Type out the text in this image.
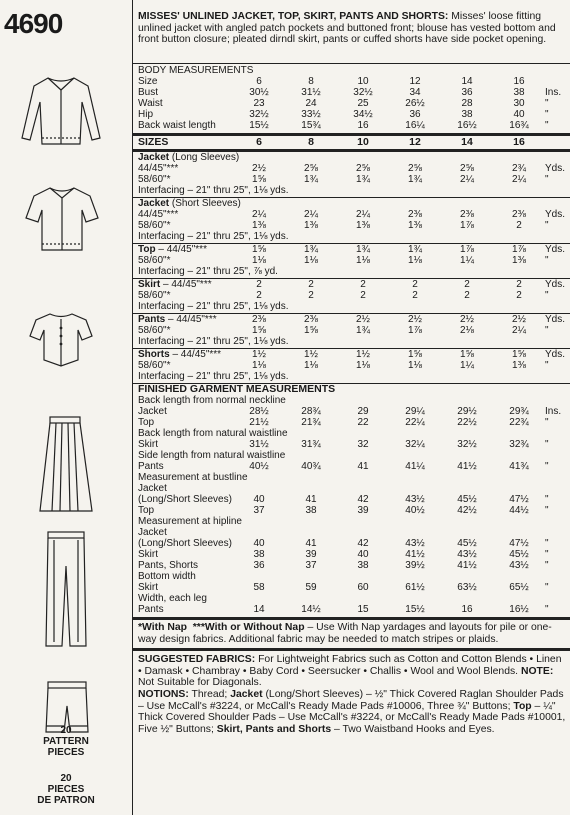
4690
20
PATTERN
PIECES
20
PIECES
DE PATRON
MISSES' UNLINED JACKET, TOP, SKIRT, PANTS AND SHORTS: Misses' loose fitting unlined jacket with angled patch pockets and buttoned front; blouse has vested bottom and front button closure; pleated dirndl skirt, pants or cuffed shorts have side pocket opening.
BODY MEASUREMENTS
Size	6	8	10	12	14	16
Bust	30½	31½	32½	34	36	38	Ins.
Waist	23	24	25	26½	28	30	"
Hip	32½	33½	34½	36	38	40	"
Back waist length	15½	15¾	16	16¼	16½	16¾	"
SIZES	6	8	10	12	14	16
Jacket (Long Sleeves)
44/45"***	2½	2⅝	2⅝	2⅝	2⅝	2¾	Yds.
58/60"*	1⅝	1¾	1¾	1¾	2¼	2¼	"
Interfacing – 21" thru 25", 1⅛ yds.
Jacket (Short Sleeves)
44/45"***	2¼	2¼	2¼	2⅜	2⅜	2⅜	Yds.
58/60"*	1⅜	1⅜	1⅜	1⅜	1⅞	2	"
Interfacing – 21" thru 25", 1⅛ yds.
Top – 44/45"***	1⅝	1¾	1¾	1¾	1⅞	1⅞	Yds.
58/60"*	1⅛	1⅛	1⅛	1⅛	1¼	1⅜	"
Interfacing – 21" thru 25", ⅞ yd.
Skirt – 44/45"***	2	2	2	2	2	2	Yds.
58/60"*	2	2	2	2	2	2	"
Interfacing – 21" thru 25", 1⅛ yds.
Pants – 44/45"***	2⅜	2⅜	2½	2½	2½	2½	Yds.
58/60"*	1⅝	1⅝	1¾	1⅞	2⅛	2¼	"
Interfacing – 21" thru 25", 1⅛ yds.
Shorts – 44/45"***	1½	1½	1½	1⅝	1⅝	1⅝	Yds.
58/60"*	1⅛	1⅛	1⅛	1⅛	1¼	1⅜	"
Interfacing – 21" thru 25", 1⅛ yds.
FINISHED GARMENT MEASUREMENTS
Back length from normal neckline
Jacket	28½	28¾	29	29¼	29½	29¾	Ins.
Top	21½	21¾	22	22¼	22½	22¾	"
Back length from natural waistline
Skirt	31½	31¾	32	32¼	32½	32¾	"
Side length from natural waistline
Pants	40½	40¾	41	41¼	41½	41¾	"
Measurement at bustline
Jacket
(Long/Short Sleeves)	40	41	42	43½	45½	47½	"
Top	37	38	39	40½	42½	44½	"
Measurement at hipline
Jacket
(Long/Short Sleeves)	40	41	42	43½	45½	47½	"
Skirt	38	39	40	41½	43½	45½	"
Pants, Shorts	36	37	38	39½	41½	43½	"
Bottom width
Skirt	58	59	60	61½	63½	65½	"
Width, each leg
Pants	14	14½	15	15½	16	16½	"
*With Nap ***With or Without Nap – Use With Nap yardages and layouts for pile or one-way design fabrics. Additional fabric may be needed to match stripes or plaids.
SUGGESTED FABRICS: For Lightweight Fabrics such as Cotton and Cotton Blends • Linen • Damask • Chambray • Baby Cord • Seersucker • Challis • Wool and Wool Blends. NOTE: Not Suitable for Diagonals.
NOTIONS: Thread; Jacket (Long/Short Sleeves) – ½" Thick Covered Raglan Shoulder Pads – Use McCall's #3224, or McCall's Ready Made Pads #10006, Three ¾" Buttons; Top – ¼" Thick Covered Shoulder Pads – Use McCall's #3224, or McCall's Ready Made Pads #10001, Five ½" Buttons; Skirt, Pants and Shorts – Two Waistband Hooks and Eyes.
